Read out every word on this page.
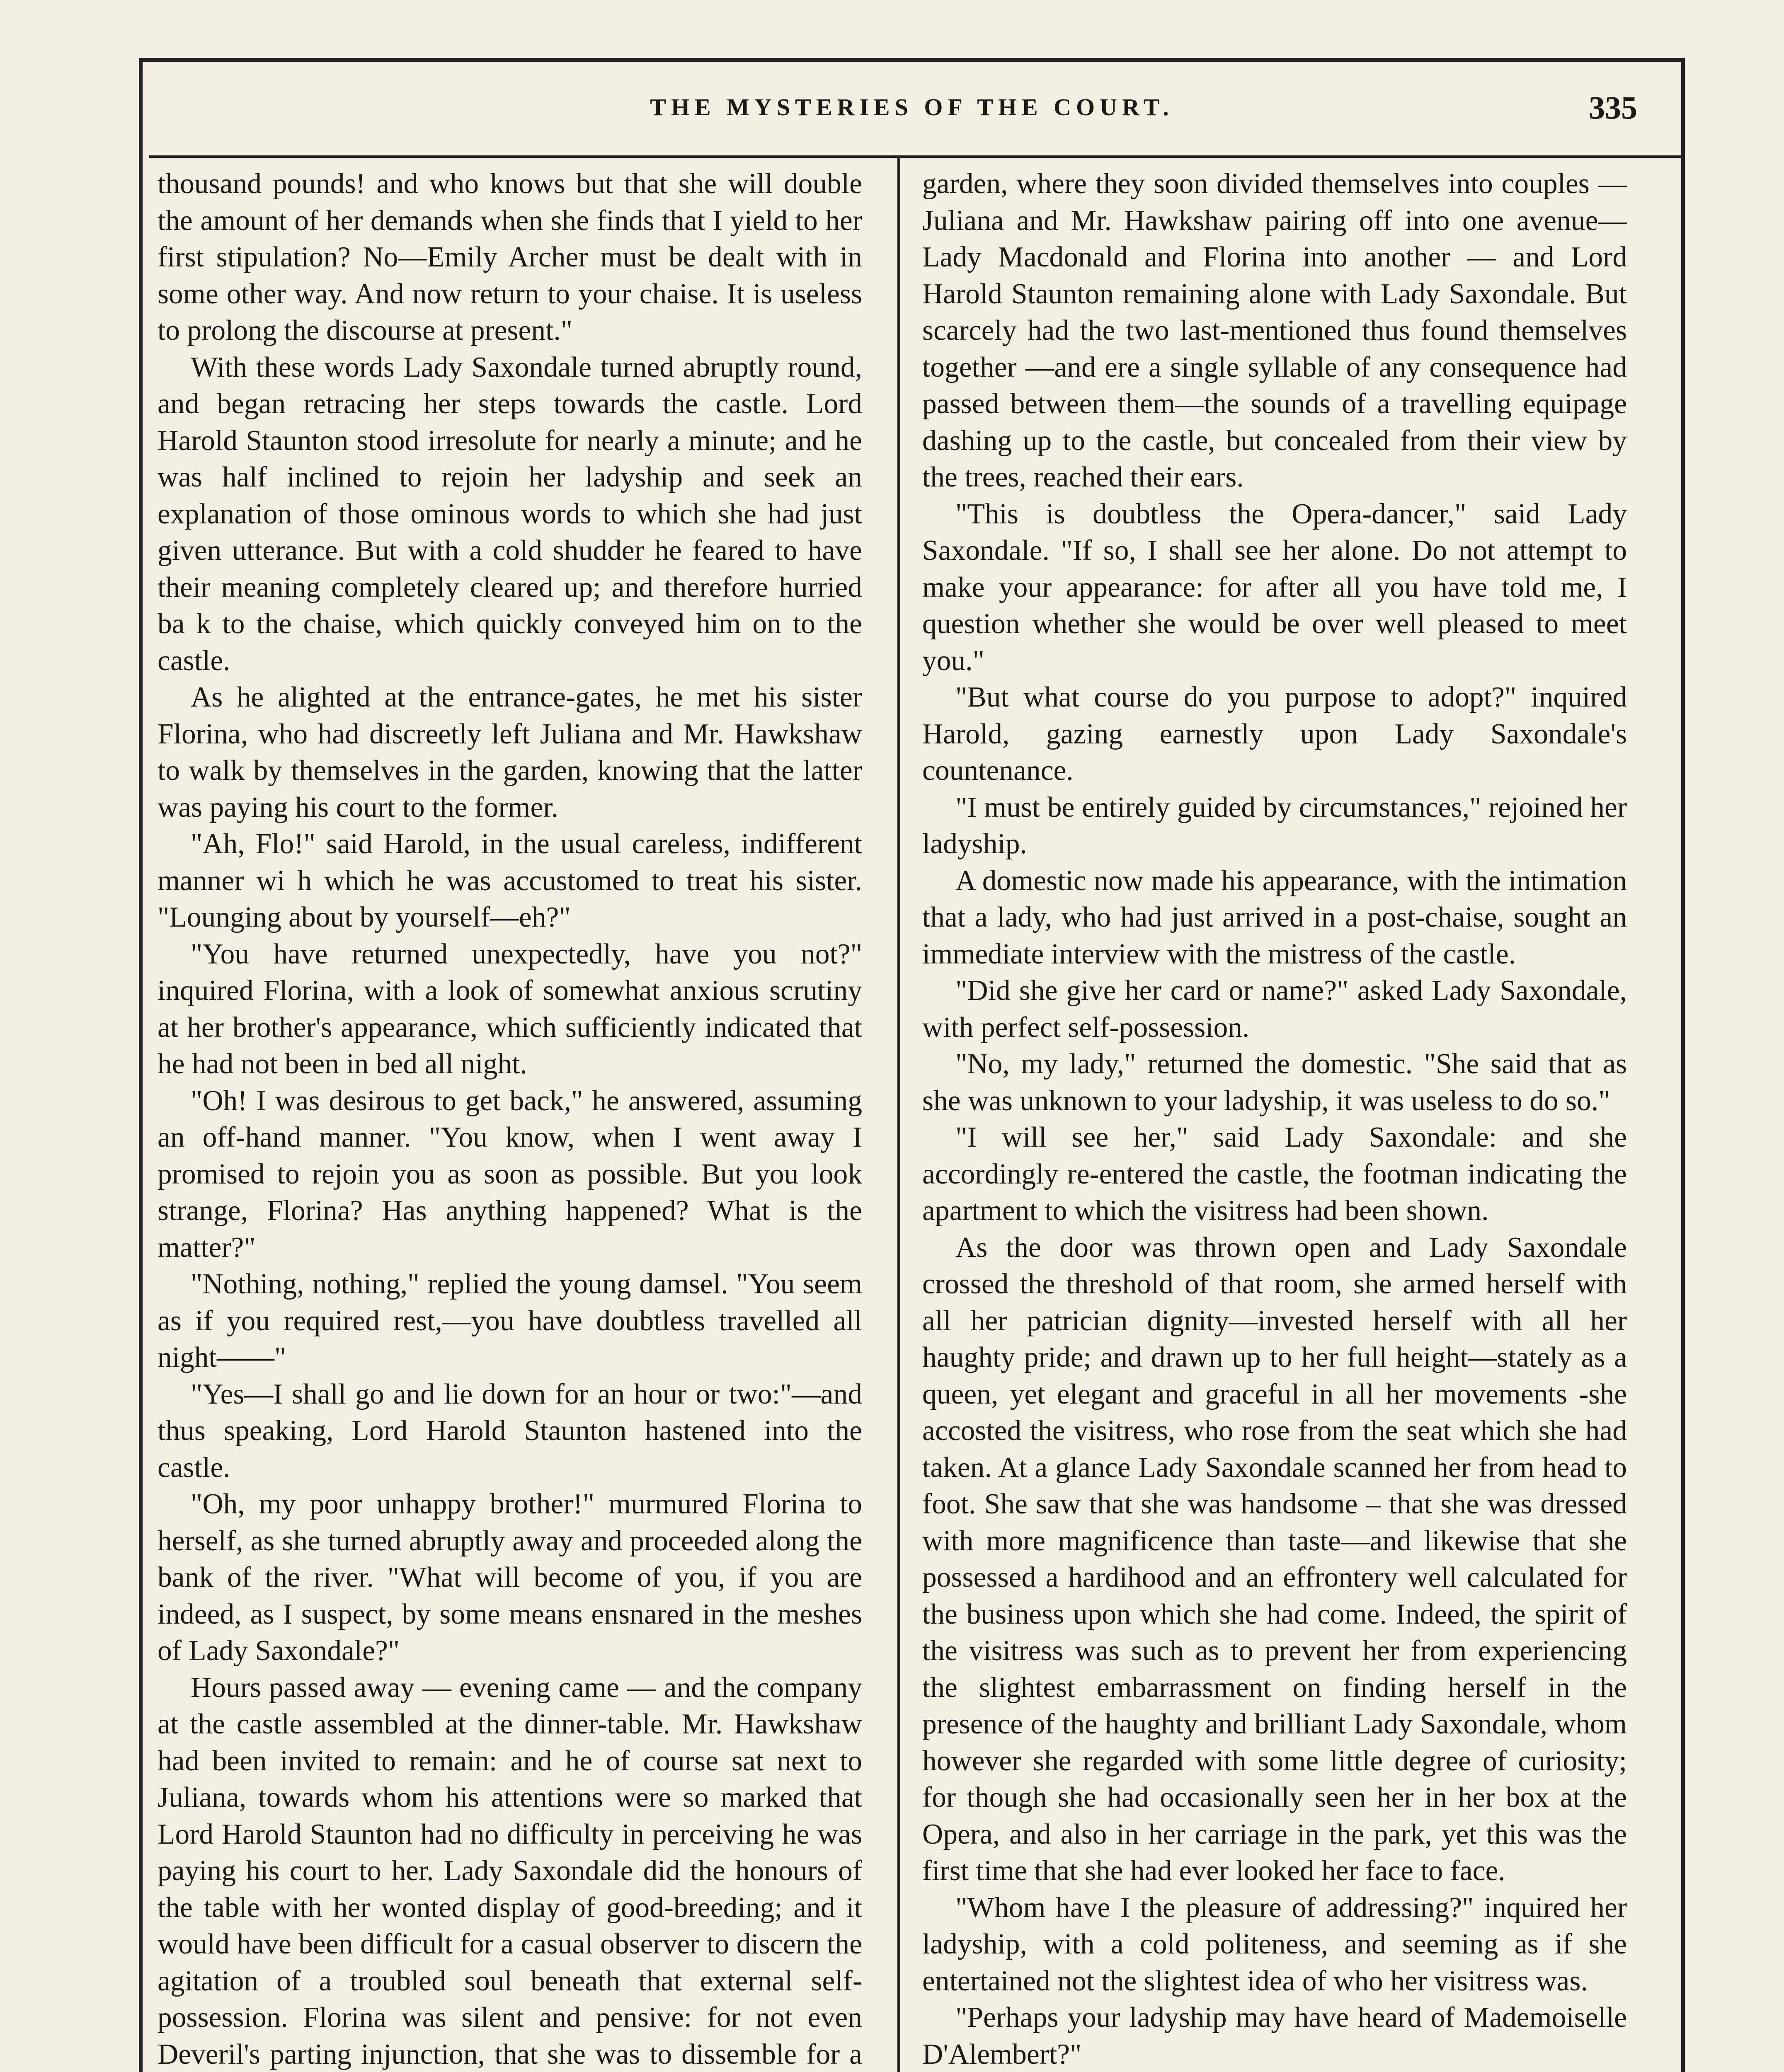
THE MYSTERIES OF THE COURT.	335

thousand pounds! and who knows but that she will double the amount of her demands when she finds that I yield to her first stipulation? No—Emily Archer must be dealt with in some other way. And now return to your chaise. It is useless to prolong the discourse at present."

With these words Lady Saxondale turned abruptly round, and began retracing her steps towards the castle. Lord Harold Staunton stood irresolute for nearly a minute; and he was half inclined to rejoin her ladyship and seek an explanation of those ominous words to which she had just given utterance. But with a cold shudder he feared to have their meaning completely cleared up; and therefore hurried ba k to the chaise, which quickly conveyed him on to the castle.

As he alighted at the entrance-gates, he met his sister Florina, who had discreetly left Juliana and Mr. Hawkshaw to walk by themselves in the garden, knowing that the latter was paying his court to the former.

"Ah, Flo!" said Harold, in the usual careless, indifferent manner wi h which he was accustomed to treat his sister. "Lounging about by yourself—eh?"

"You have returned unexpectedly, have you not?" inquired Florina, with a look of somewhat anxious scrutiny at her brother's appearance, which sufficiently indicated that he had not been in bed all night.

"Oh! I was desirous to get back," he answered, assuming an off-hand manner. "You know, when I went away I promised to rejoin you as soon as possible. But you look strange, Florina? Has anything happened? What is the matter?"

"Nothing, nothing," replied the young damsel. "You seem as if you required rest,—you have doubtless travelled all night——"

"Yes—I shall go and lie down for an hour or two:"—and thus speaking, Lord Harold Staunton hastened into the castle.

"Oh, my poor unhappy brother!" murmured Florina to herself, as she turned abruptly away and proceeded along the bank of the river. "What will become of you, if you are indeed, as I suspect, by some means ensnared in the meshes of Lady Saxondale?"

Hours passed away — evening came — and the company at the castle assembled at the dinner-table. Mr. Hawkshaw had been invited to remain: and he of course sat next to Juliana, towards whom his attentions were so marked that Lord Harold Staunton had no difficulty in perceiving he was paying his court to her. Lady Saxondale did the honours of the table with her wonted display of good-breeding; and it would have been difficult for a casual observer to discern the agitation of a troubled soul beneath that external self-possession. Florina was silent and pensive: for not even Deveril's parting injunction, that she was to dissemble for a

garden, where they soon divided themselves into couples — Juliana and Mr. Hawkshaw pairing off into one avenue—Lady Macdonald and Florina into another — and Lord Harold Staunton remaining alone with Lady Saxondale. But scarcely had the two last-mentioned thus found themselves together —and ere a single syllable of any consequence had passed between them—the sounds of a travelling equipage dashing up to the castle, but concealed from their view by the trees, reached their ears.

"This is doubtless the Opera-dancer," said Lady Saxondale. "If so, I shall see her alone. Do not attempt to make your appearance: for after all you have told me, I question whether she would be over well pleased to meet you."

"But what course do you purpose to adopt?" inquired Harold, gazing earnestly upon Lady Saxondale's countenance.

"I must be entirely guided by circumstances," rejoined her ladyship.

A domestic now made his appearance, with the intimation that a lady, who had just arrived in a post-chaise, sought an immediate interview with the mistress of the castle.

"Did she give her card or name?" asked Lady Saxondale, with perfect self-possession.

"No, my lady," returned the domestic. "She said that as she was unknown to your ladyship, it was useless to do so."

"I will see her," said Lady Saxondale: and she accordingly re-entered the castle, the footman indicating the apartment to which the visitress had been shown.

As the door was thrown open and Lady Saxondale crossed the threshold of that room, she armed herself with all her patrician dignity—invested herself with all her haughty pride; and drawn up to her full height—stately as a queen, yet elegant and graceful in all her movements -she accosted the visitress, who rose from the seat which she had taken. At a glance Lady Saxondale scanned her from head to foot. She saw that she was handsome – that she was dressed with more magnificence than taste—and likewise that she possessed a hardihood and an effrontery well calculated for the business upon which she had come. Indeed, the spirit of the visitress was such as to prevent her from experiencing the slightest embarrassment on finding herself in the presence of the haughty and brilliant Lady Saxondale, whom however she regarded with some little degree of curiosity; for though she had occasionally seen her in her box at the Opera, and also in her carriage in the park, yet this was the first time that she had ever looked her face to face.

"Whom have I the pleasure of addressing?" inquired her ladyship, with a cold politeness, and seeming as if she entertained not the slightest idea of who her visitress was.

"Perhaps your ladyship may have heard of Mademoiselle D'Alembert?"
